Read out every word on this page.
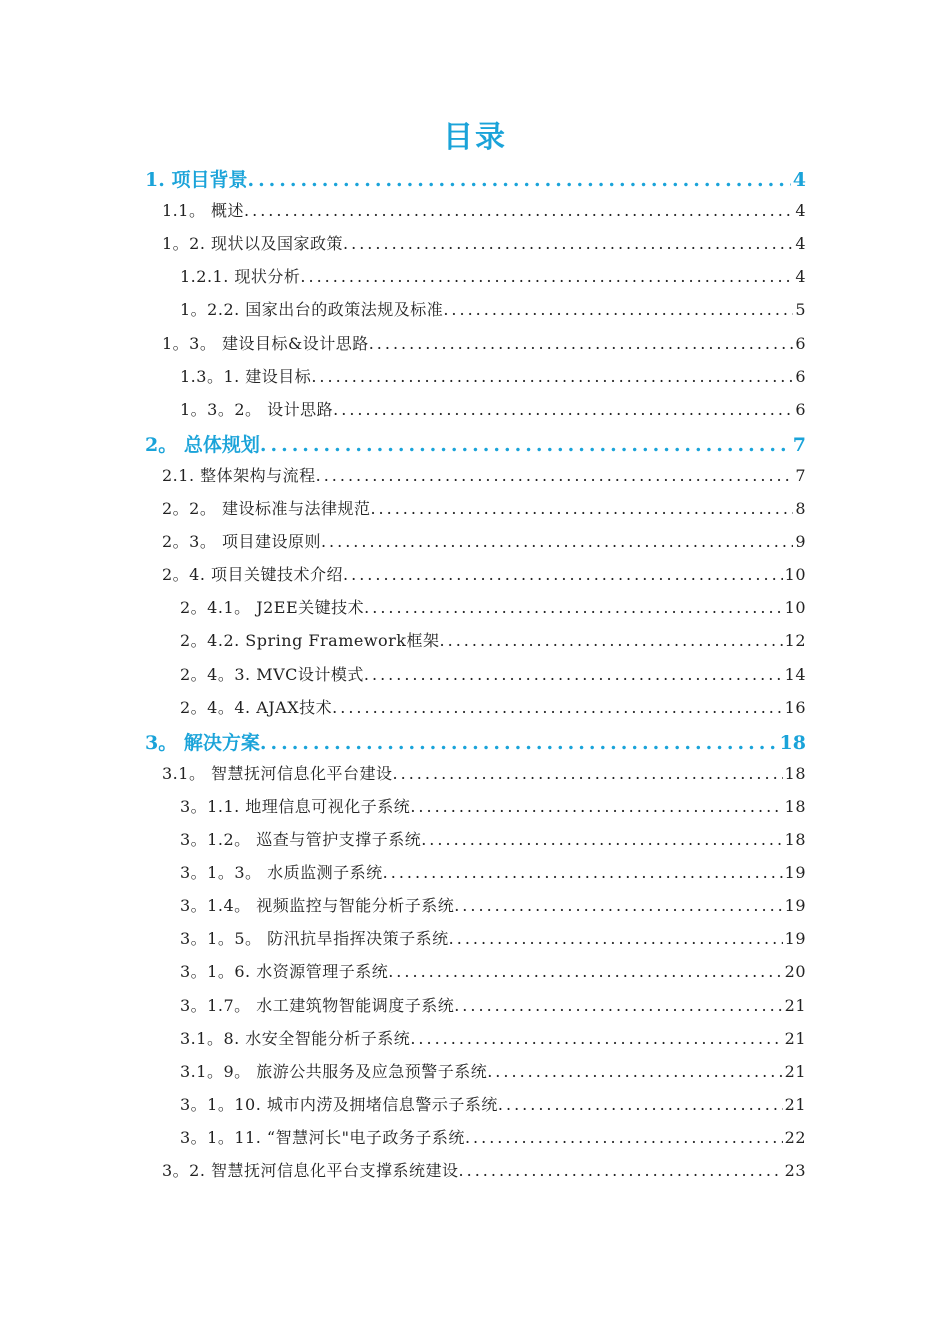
目录
1. 项目背景 .....	4
1.1。 概述 .....	4
1。2. 现状以及国家政策 .....	4
1.2.1. 现状分析 .....	4
1。2.2. 国家出台的政策法规及标准 .....	5
1。3。 建设目标&设计思路 .....	6
1.3。1. 建设目标 .....	6
1。3。2。 设计思路 .....	6
2。 总体规划 .....	7
2.1. 整体架构与流程 .....	7
2。2。 建设标准与法律规范 .....	8
2。3。 项目建设原则 .....	9
2。4. 项目关键技术介绍 .....	10
2。4.1。 J2EE关键技术 .....	10
2。4.2. Spring Framework框架 .....	12
2。4。3. MVC设计模式 .....	14
2。4。4. AJAX技术 .....	16
3。 解决方案 .....	18
3.1。 智慧抚河信息化平台建设 .....	18
3。1.1. 地理信息可视化子系统 .....	18
3。1.2。 巡查与管护支撑子系统 .....	18
3。1。3。 水质监测子系统 .....	19
3。1.4。 视频监控与智能分析子系统 .....	19
3。1。5。 防汛抗旱指挥决策子系统 .....	19
3。1。6. 水资源管理子系统 .....	20
3。1.7。 水工建筑物智能调度子系统 .....	21
3.1。8. 水安全智能分析子系统 .....	21
3.1。9。 旅游公共服务及应急预警子系统 .....	21
3。1。10. 城市内涝及拥堵信息警示子系统 .....	21
3。1。11. “智慧河长"电子政务子系统 .....	22
3。2. 智慧抚河信息化平台支撑系统建设 .....	23
